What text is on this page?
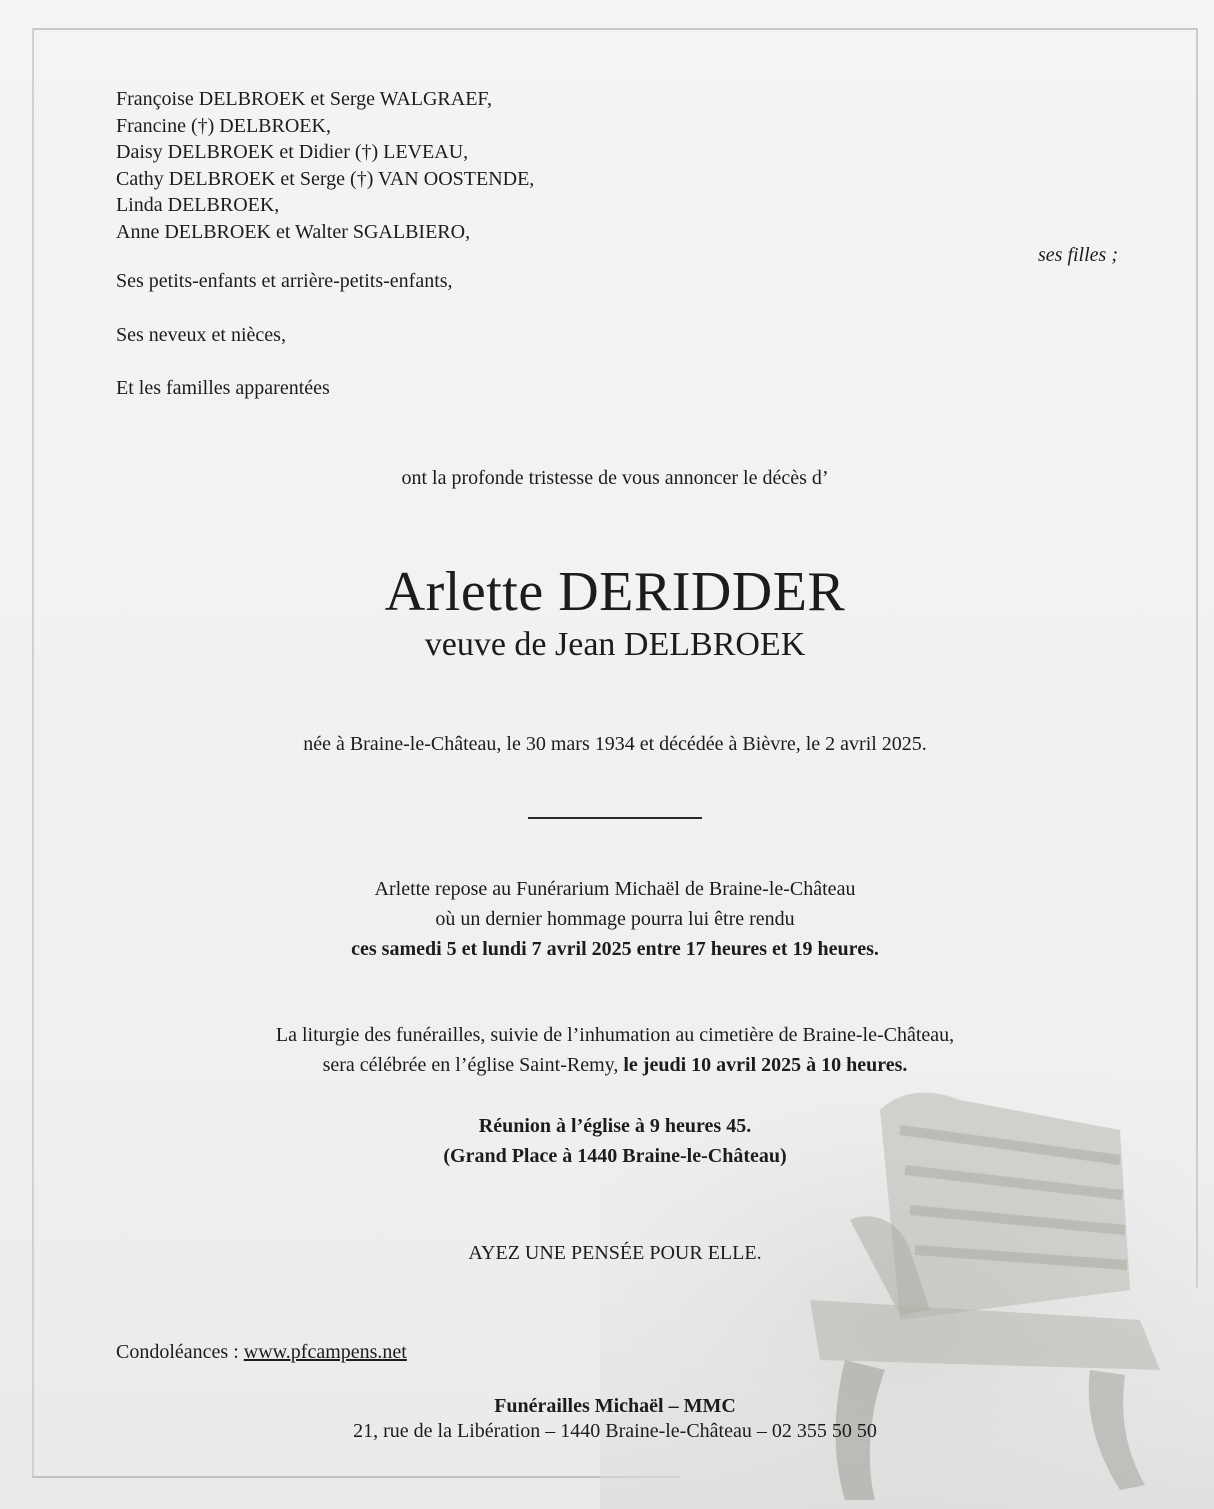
Françoise DELBROEK et Serge WALGRAEF,
Francine (†) DELBROEK,
Daisy DELBROEK et Didier (†) LEVEAU,
Cathy DELBROEK et Serge (†) VAN OOSTENDE,
Linda DELBROEK,
Anne DELBROEK et Walter SGALBIERO,
ses filles ;
Ses petits-enfants et arrière-petits-enfants,
Ses neveux et nièces,
Et les familles apparentées
ont la profonde tristesse de vous annoncer le décès d’
Arlette DERIDDER
veuve de Jean DELBROEK
née à Braine-le-Château, le 30 mars 1934 et décédée à Bièvre, le 2 avril 2025.
Arlette repose au Funérarium Michaël de Braine-le-Château
où un dernier hommage pourra lui être rendu
ces samedi 5 et lundi 7 avril 2025 entre 17 heures et 19 heures.
La liturgie des funérailles, suivie de l’inhumation au cimetière de Braine-le-Château,
sera célébrée en l’église Saint-Remy, le jeudi 10 avril 2025 à 10 heures.
Réunion à l’église à 9 heures 45.
(Grand Place à 1440 Braine-le-Château)
AYEZ UNE PENSÉE POUR ELLE.
Condoléances : www.pfcampens.net
Funérailles Michaël – MMC
21, rue de la Libération – 1440 Braine-le-Château – 02 355 50 50
